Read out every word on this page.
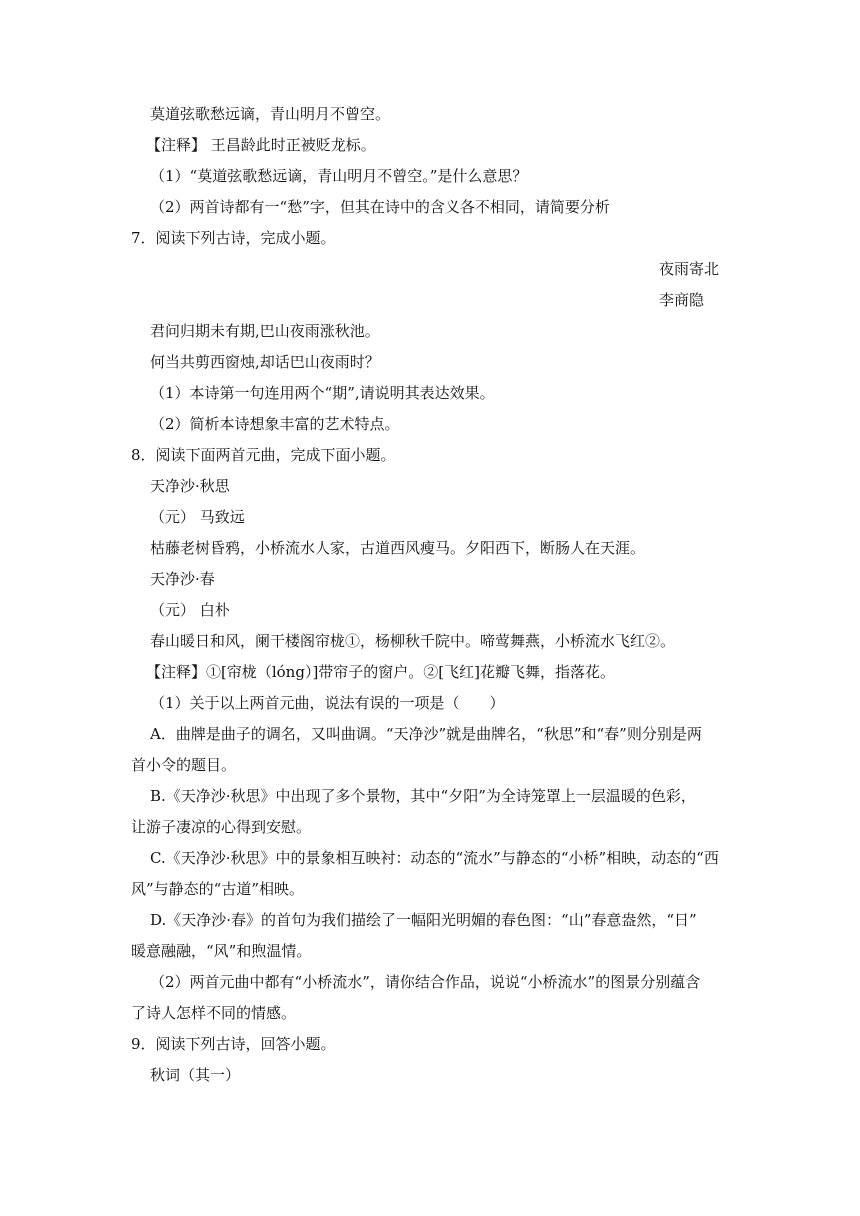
莫道弦歌愁远谪，青山明月不曾空。
【注释】 王昌龄此时正被贬龙标。
（1）“莫道弦歌愁远谪，青山明月不曾空。”是什么意思？
（2）两首诗都有一“愁”字，但其在诗中的含义各不相同，请简要分析
7．阅读下列古诗，完成小题。
夜雨寄北
李商隐
君问归期未有期,巴山夜雨涨秋池。
何当共剪西窗烛,却话巴山夜雨时？
（1）本诗第一句连用两个“期”,请说明其表达效果。
（2）简析本诗想象丰富的艺术特点。
8．阅读下面两首元曲，完成下面小题。
天净沙·秋思
（元） 马致远
枯藤老树昏鸦，小桥流水人家，古道西风瘦马。夕阳西下，断肠人在天涯。
天净沙·春
（元） 白朴
春山暖日和风，阑干楼阁帘栊①，杨柳秋千院中。啼莺舞燕，小桥流水飞红②。
【注释】①[帘栊（lóng）]带帘子的窗户。②[飞红]花瓣飞舞，指落花。
（1）关于以上两首元曲，说法有误的一项是（　　）
A．曲牌是曲子的调名，又叫曲调。“天净沙”就是曲牌名，“秋思”和“春”则分别是两
首小令的题目。
B.《天净沙·秋思》中出现了多个景物，其中“夕阳”为全诗笼罩上一层温暖的色彩，
让游子凄凉的心得到安慰。
C.《天净沙·秋思》中的景象相互映衬：动态的“流水”与静态的“小桥”相映，动态的“西
风”与静态的“古道”相映。
D.《天净沙·春》的首句为我们描绘了一幅阳光明媚的春色图：“山”春意盎然，“日”
暖意融融，“风”和煦温情。
（2）两首元曲中都有“小桥流水”，请你结合作品，说说“小桥流水”的图景分别蕴含
了诗人怎样不同的情感。
9．阅读下列古诗，回答小题。
秋词（其一）
